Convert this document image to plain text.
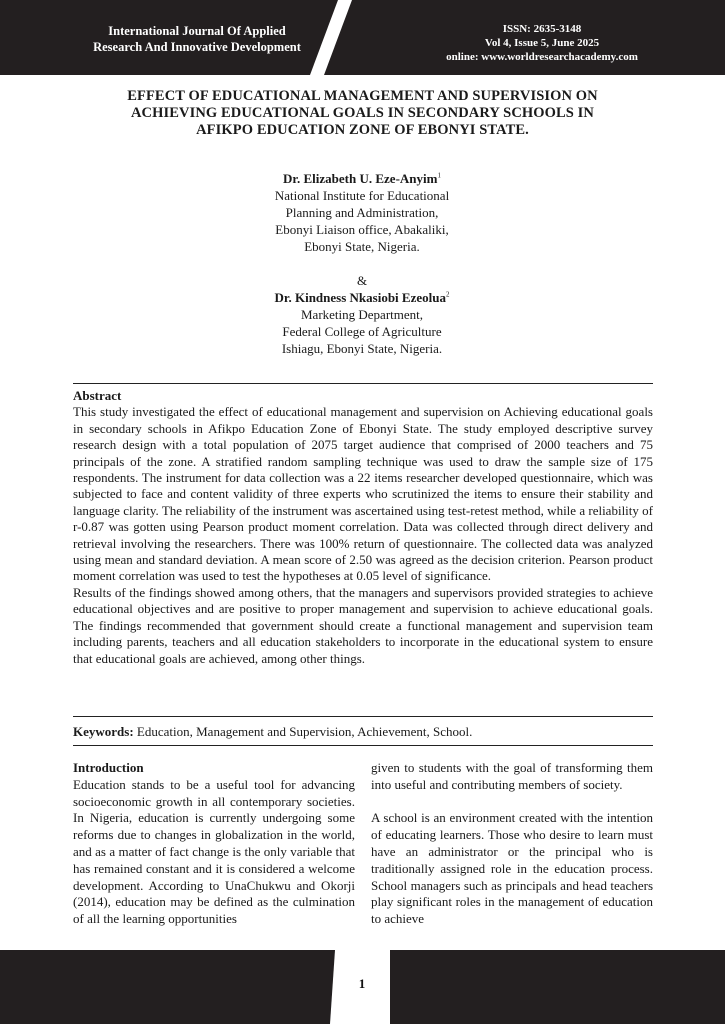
International Journal Of Applied
Research And Innovative Development
ISSN: 2635-3148
Vol 4, Issue 5, June 2025
online: www.worldresearchacademy.com
EFFECT OF EDUCATIONAL MANAGEMENT AND SUPERVISION ON
ACHIEVING EDUCATIONAL GOALS IN SECONDARY SCHOOLS IN
AFIKPO EDUCATION ZONE OF EBONYI STATE.
Dr. Elizabeth U. Eze-Anyim$^1$
National Institute for Educational
Planning and Administration,
Ebonyi Liaison office, Abakaliki,
Ebonyi State, Nigeria.
&
Dr. Kindness Nkasiobi Ezeolua$^2$
Marketing Department,
Federal College of Agriculture
Ishiagu, Ebonyi State, Nigeria.
Abstract

This study investigated the effect of educational management and supervision on Achieving educational goals in secondary schools in Afikpo Education Zone of Ebonyi State. The study employed descriptive survey research design with a total population of 2075 target audience that comprised of 2000 teachers and 75 principals of the zone. A stratified random sampling technique was used to draw the sample size of 175 respondents. The instrument for data collection was a 22 items researcher developed questionnaire, which was subjected to face and content validity of three experts who scrutinized the items to ensure their stability and language clarity. The reliability of the instrument was ascertained using test-retest method, while a reliability of r-0.87 was gotten using Pearson product moment correlation. Data was collected through direct delivery and retrieval involving the researchers. There was 100% return of questionnaire. The collected data was analyzed using mean and standard deviation. A mean score of 2.50 was agreed as the decision criterion. Pearson product moment correlation was used to test the hypotheses at 0.05 level of significance.

Results of the findings showed among others, that the managers and supervisors provided strategies to achieve educational objectives and are positive to proper management and supervision to achieve educational goals. The findings recommended that government should create a functional management and supervision team including parents, teachers and all education stakeholders to incorporate in the educational system to ensure that educational goals are achieved, among other things.

Keywords: Education, Management and Supervision, Achievement, School.
Introduction

Education stands to be a useful tool for advancing socioeconomic growth in all contemporary societies. In Nigeria, education is currently undergoing some reforms due to changes in globalization in the world, and as a matter of fact change is the only variable that has remained constant and it is considered a welcome development. According to UnaChukwu and Okorji (2014), education may be defined as the culmination of all the learning opportunities

given to students with the goal of transforming them into useful and contributing members of society.

A school is an environment created with the intention of educating learners. Those who desire to learn must have an administrator or the principal who is traditionally assigned role in the education process. School managers such as principals and head teachers play significant roles in the management of education to achieve

1
